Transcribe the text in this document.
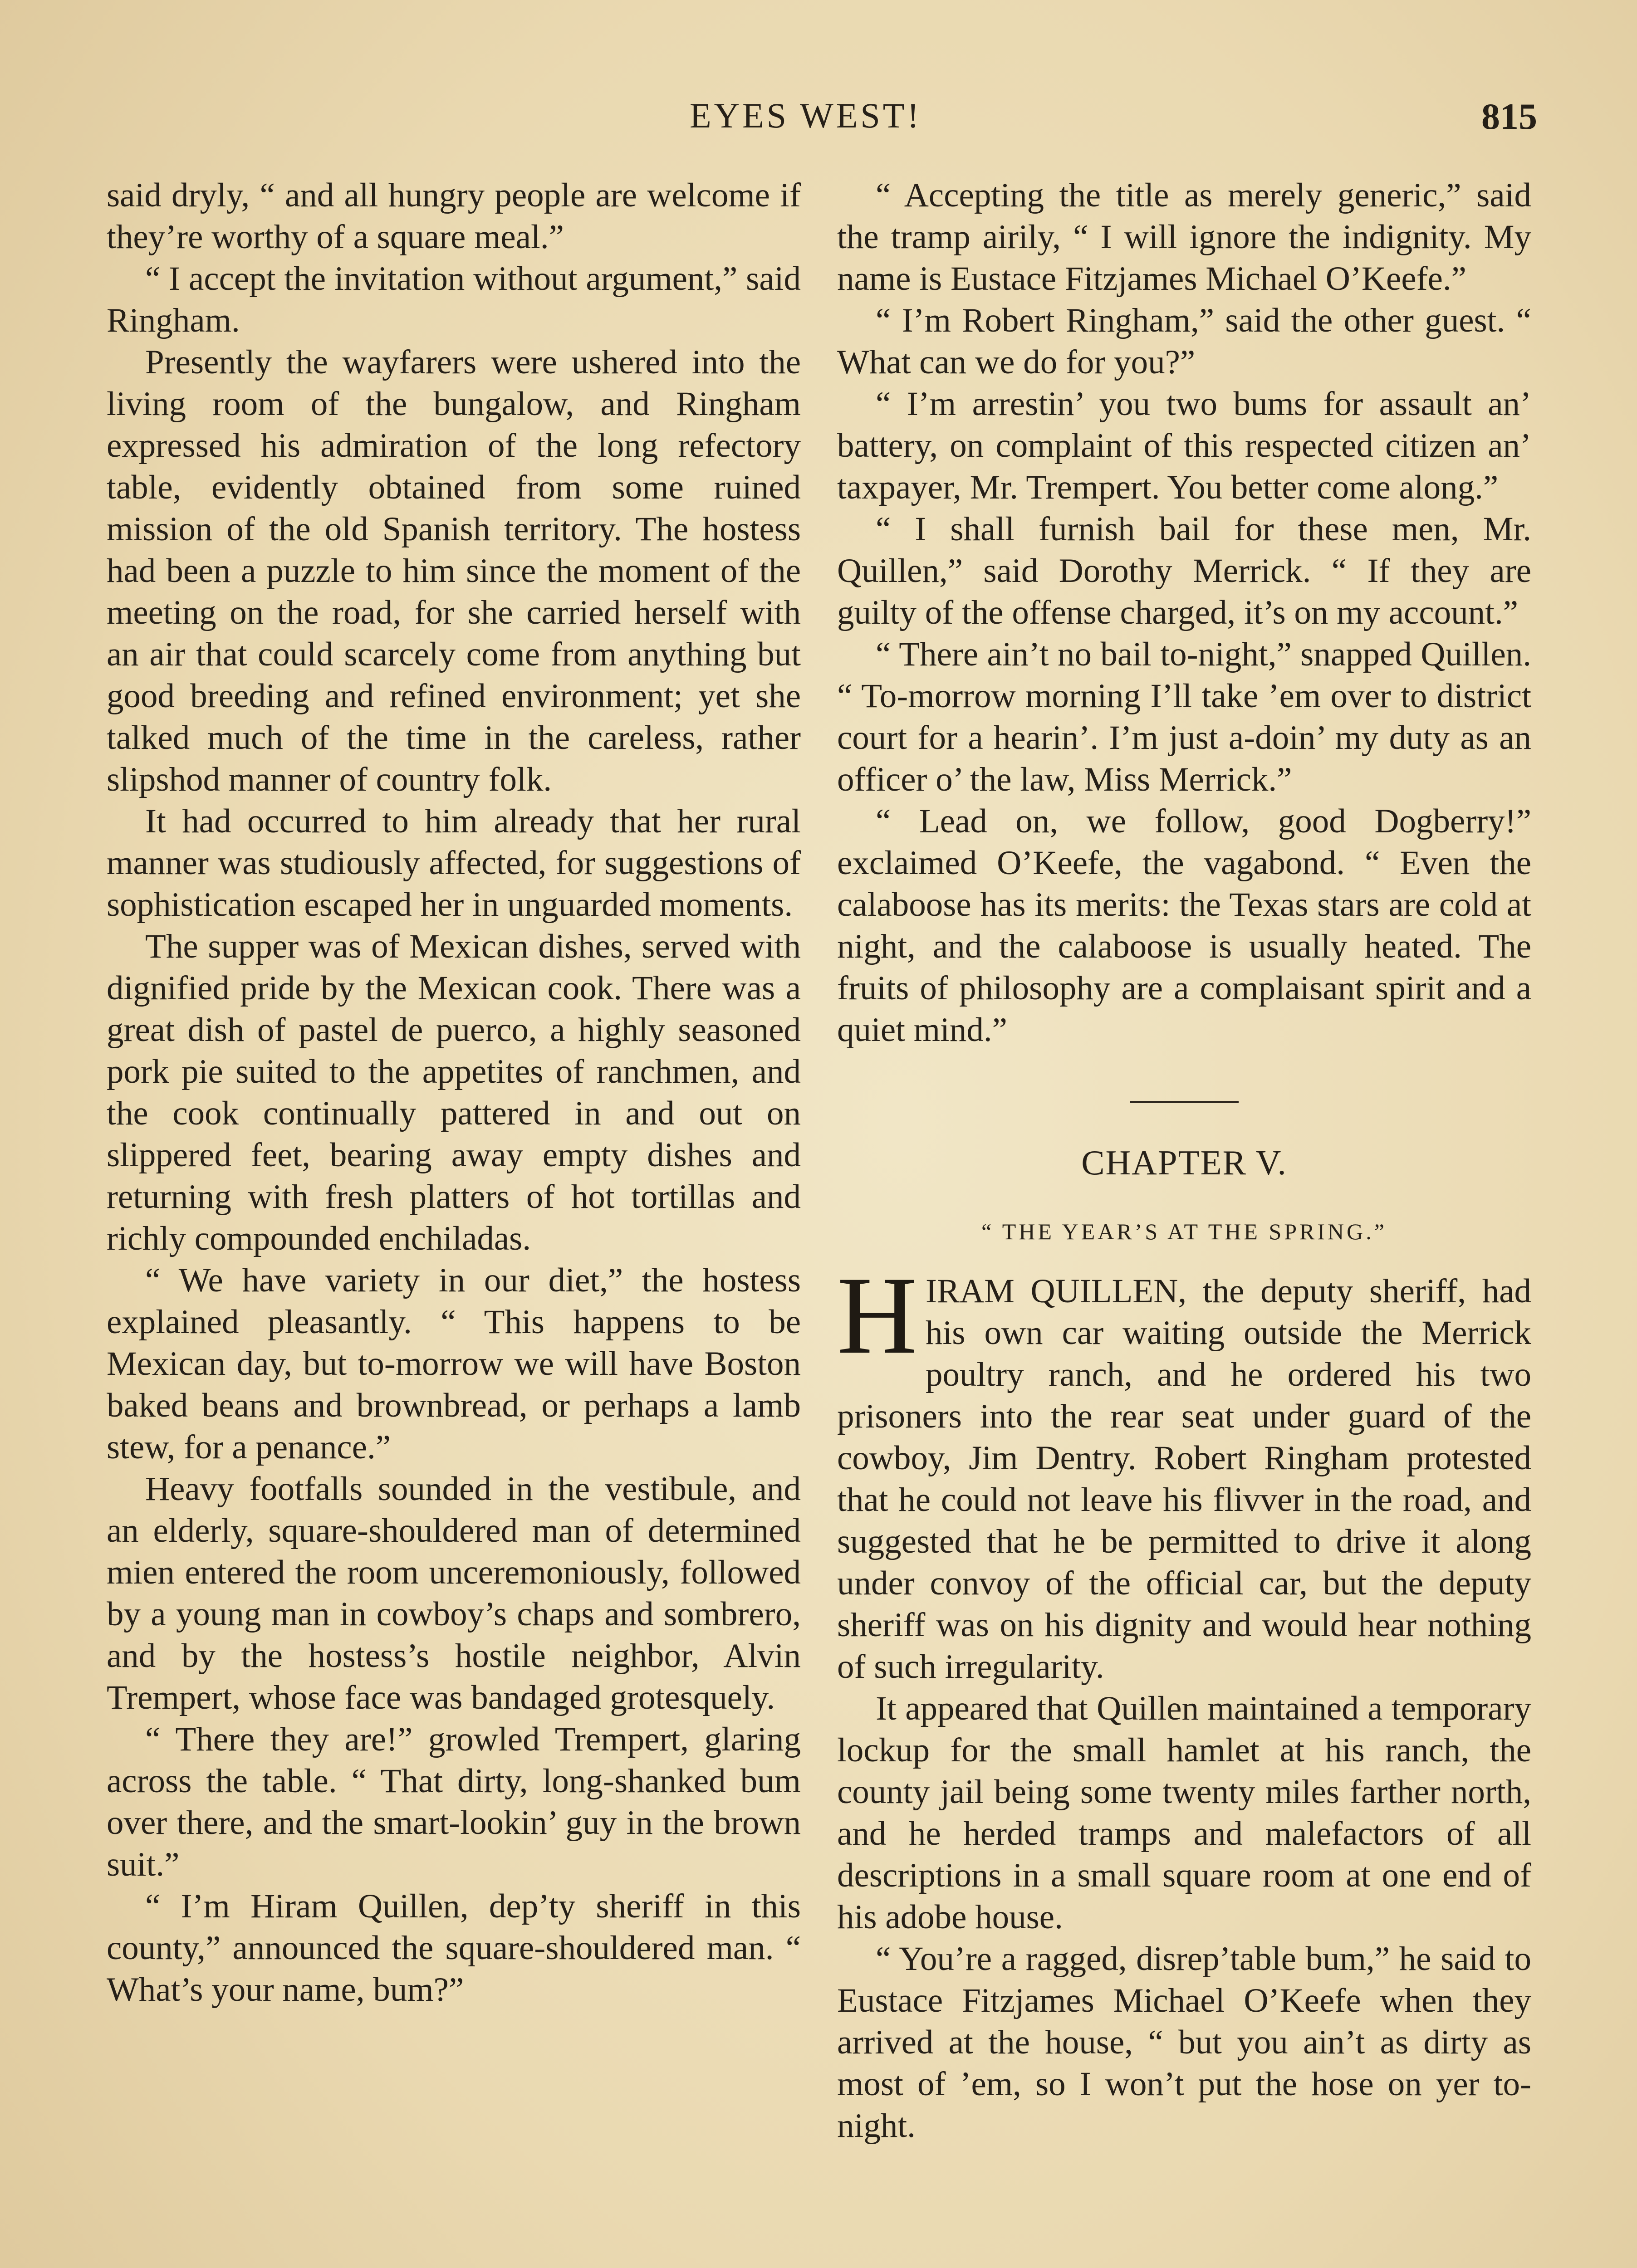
EYES WEST!	815

said dryly, “ and all hungry people are welcome if they’re worthy of a square meal.”

“ I accept the invitation without argument,” said Ringham.

Presently the wayfarers were ushered into the living room of the bungalow, and Ringham expressed his admiration of the long refectory table, evidently obtained from some ruined mission of the old Spanish territory. The hostess had been a puzzle to him since the moment of the meeting on the road, for she carried herself with an air that could scarcely come from anything but good breeding and refined environment; yet she talked much of the time in the careless, rather slipshod manner of country folk.

It had occurred to him already that her rural manner was studiously affected, for suggestions of sophistication escaped her in unguarded moments.

The supper was of Mexican dishes, served with dignified pride by the Mexican cook. There was a great dish of pastel de puerco, a highly seasoned pork pie suited to the appetites of ranchmen, and the cook continually pattered in and out on slippered feet, bearing away empty dishes and returning with fresh platters of hot tortillas and richly compounded enchiladas.

“ We have variety in our diet,” the hostess explained pleasantly. “ This happens to be Mexican day, but to-morrow we will have Boston baked beans and brownbread, or perhaps a lamb stew, for a penance.”

Heavy footfalls sounded in the vestibule, and an elderly, square-shouldered man of determined mien entered the room unceremoniously, followed by a young man in cowboy’s chaps and sombrero, and by the hostess’s hostile neighbor, Alvin Trempert, whose face was bandaged grotesquely.

“ There they are!” growled Trempert, glaring across the table. “ That dirty, long-shanked bum over there, and the smart-lookin’ guy in the brown suit.”

“ I’m Hiram Quillen, dep’ty sheriff in this county,” announced the square-shouldered man. “ What’s your name, bum?”

“ Accepting the title as merely generic,” said the tramp airily, “ I will ignore the indignity. My name is Eustace Fitzjames Michael O’Keefe.”

“ I’m Robert Ringham,” said the other guest. “ What can we do for you?”

“ I’m arrestin’ you two bums for assault an’ battery, on complaint of this respected citizen an’ taxpayer, Mr. Trempert. You better come along.”

“ I shall furnish bail for these men, Mr. Quillen,” said Dorothy Merrick. “ If they are guilty of the offense charged, it’s on my account.”

“ There ain’t no bail to-night,” snapped Quillen. “ To-morrow morning I’ll take ’em over to district court for a hearin’. I’m just a-doin’ my duty as an officer o’ the law, Miss Merrick.”

“ Lead on, we follow, good Dogberry!” exclaimed O’Keefe, the vagabond. “ Even the calaboose has its merits: the Texas stars are cold at night, and the calaboose is usually heated. The fruits of philosophy are a complaisant spirit and a quiet mind.”

CHAPTER V.
“ THE YEAR’S AT THE SPRING.”

HIRAM QUILLEN, the deputy sheriff, had his own car waiting outside the Merrick poultry ranch, and he ordered his two prisoners into the rear seat under guard of the cowboy, Jim Dentry. Robert Ringham protested that he could not leave his flivver in the road, and suggested that he be permitted to drive it along under convoy of the official car, but the deputy sheriff was on his dignity and would hear nothing of such irregularity.

It appeared that Quillen maintained a temporary lockup for the small hamlet at his ranch, the county jail being some twenty miles farther north, and he herded tramps and malefactors of all descriptions in a small square room at one end of his adobe house.

“ You’re a ragged, disrep’table bum,” he said to Eustace Fitzjames Michael O’Keefe when they arrived at the house, “ but you ain’t as dirty as most of ’em, so I won’t put the hose on yer to-night.
